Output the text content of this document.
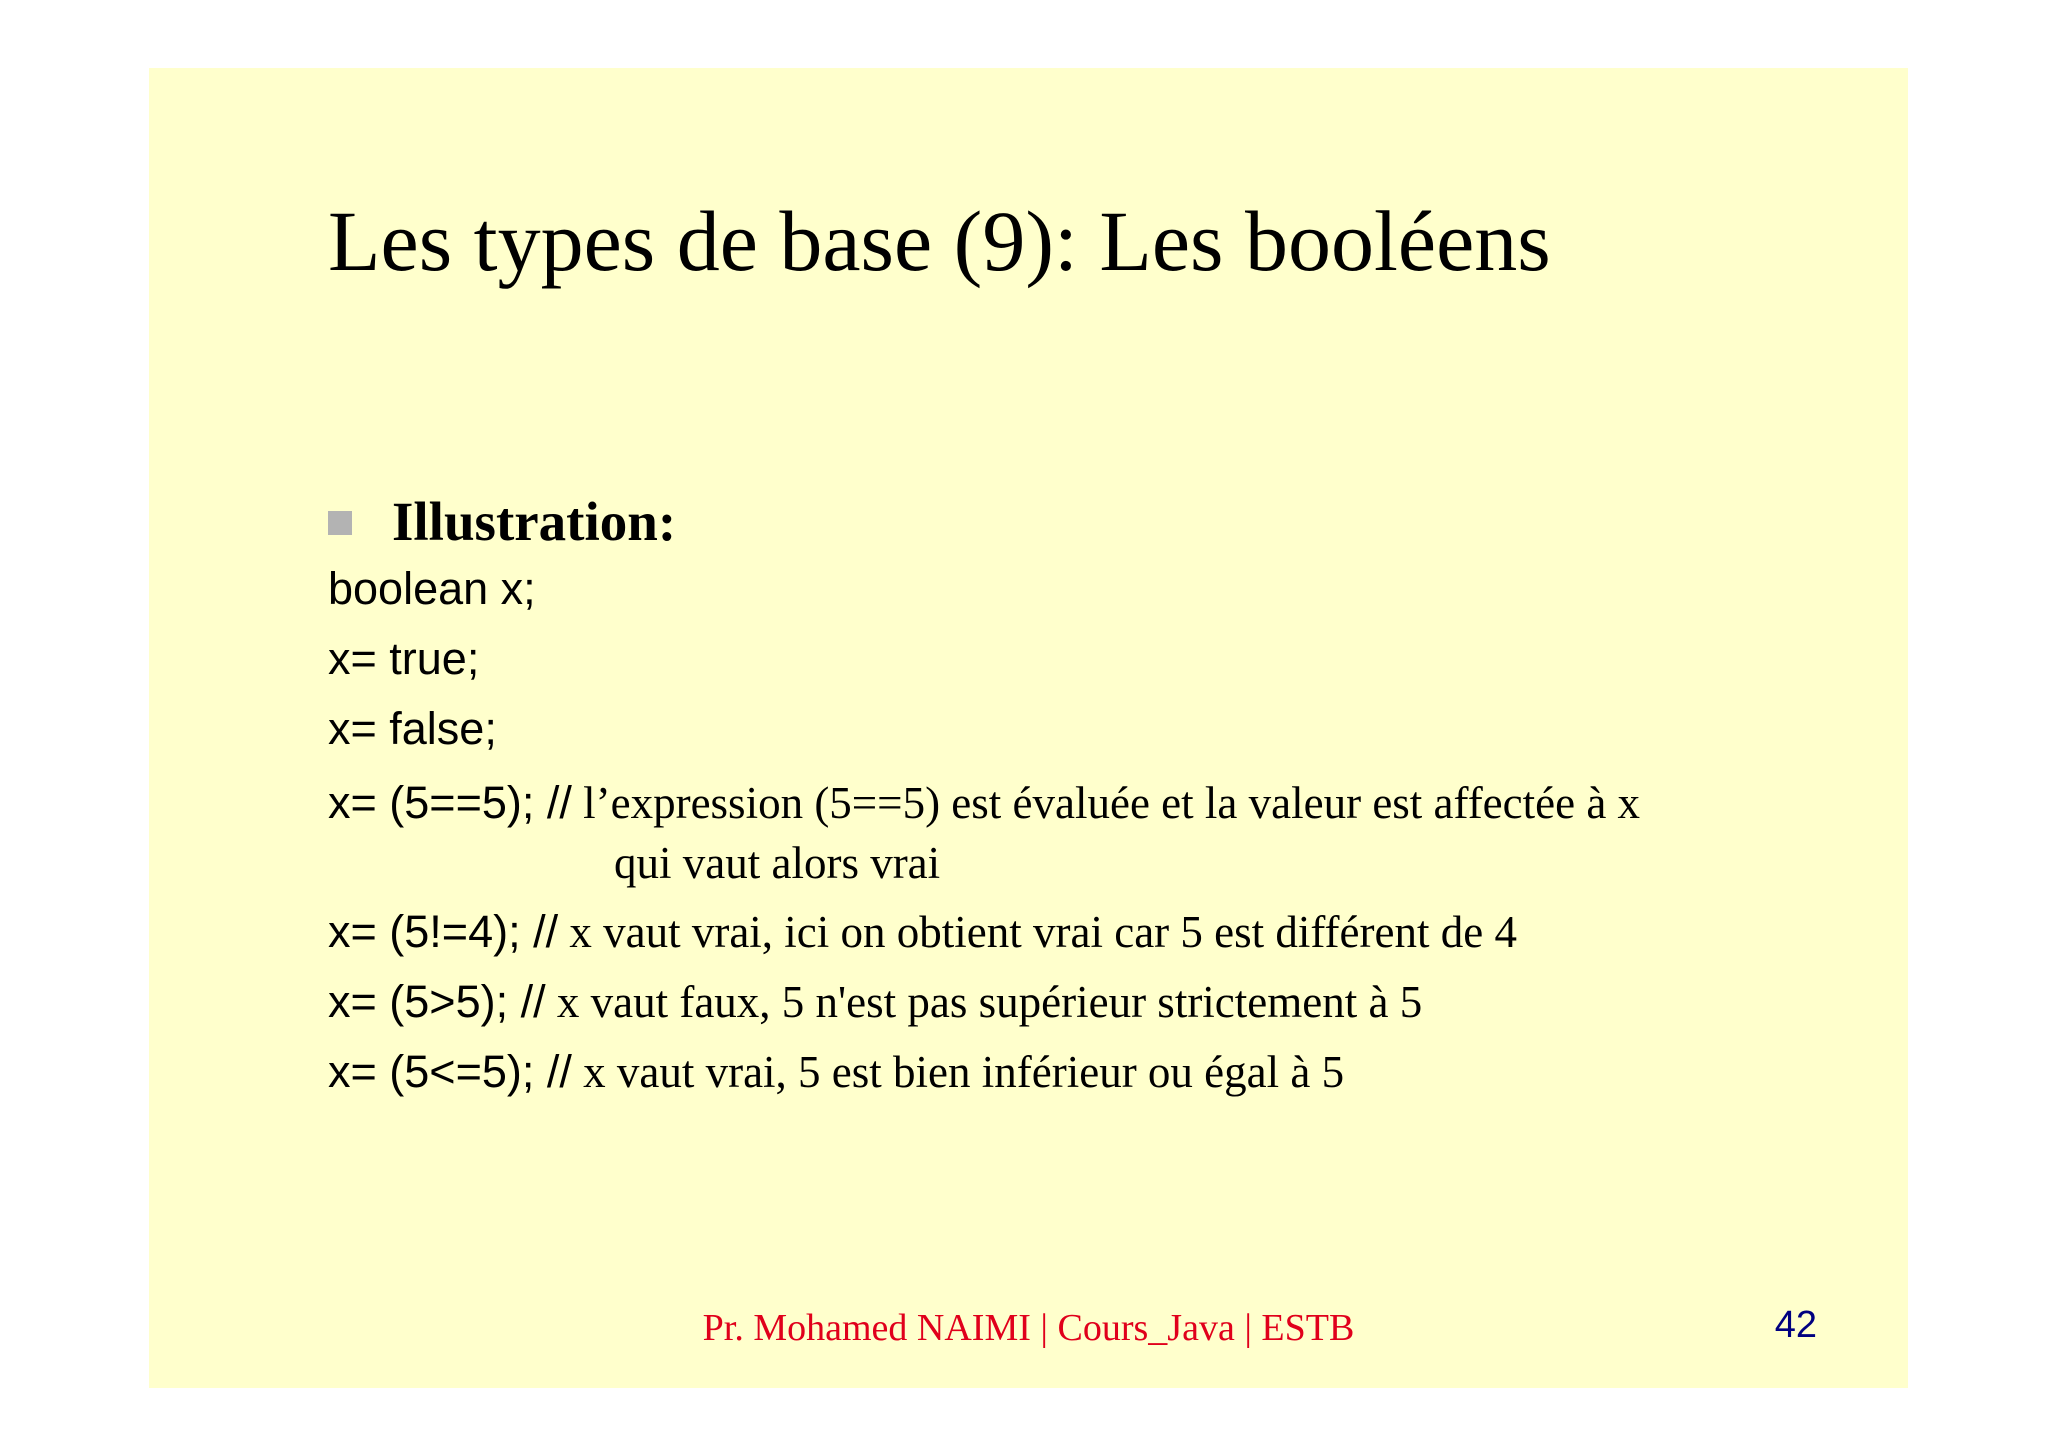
Les types de base (9): Les booléens
Illustration:
boolean x;
x= true;
x= false;
x= (5==5); // l’expression (5==5) est évaluée et la valeur est affectée à x
qui vaut alors vrai
x= (5!=4); // x vaut vrai, ici on obtient vrai car 5 est différent de 4
x= (5>5); // x vaut faux, 5 n'est pas supérieur strictement à 5
x= (5<=5); // x vaut vrai, 5 est bien inférieur ou égal à 5
Pr. Mohamed NAIMI | Cours_Java | ESTB	42
